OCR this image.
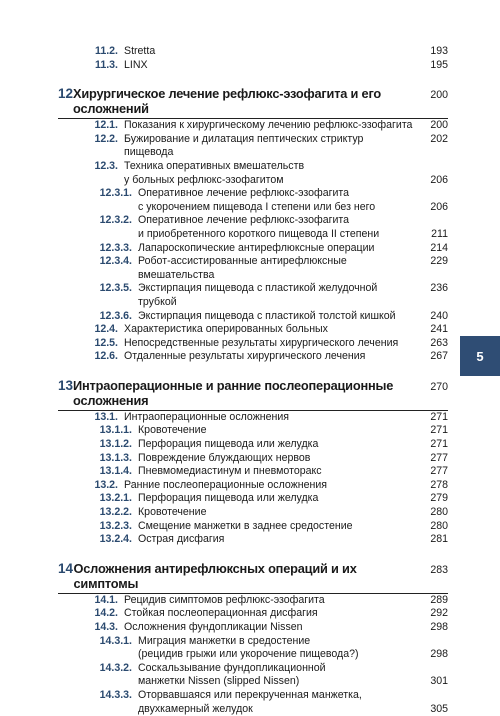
11.2. Stretta	193
11.3. LINX	195
12 Хирургическое лечение рефлюкс-эзофагита и его осложнений
200
12.1. Показания к хирургическому лечению рефлюкс-эзофагита	200
12.2. Бужирование и дилатация пептических стриктур пищевода
202
12.3. Техника оперативных вмешательств
у больных рефлюкс-эзофагитом	206
12.3.1. Оперативное лечение рефлюкс-эзофагита
с укорочением пищевода I степени или без него	206
12.3.2. Оперативное лечение рефлюкс-эзофагита
и приобретенного короткого пищевода II степени	211
12.3.3. Лапароскопические антирефлюксные операции	214
12.3.4. Робот-ассистированные антирефлюксные вмешательства
229
12.3.5. Экстирпация пищевода с пластикой желудочной трубкой
236
12.3.6. Экстирпация пищевода с пластикой толстой кишкой	240
12.4. Характеристика оперированных больных	241
12.5. Непосредственные результаты хирургического лечения	263
12.6. Отдаленные результаты хирургического лечения	267
13 Интраоперационные и ранние послеоперационные осложнения
270
13.1. Интраоперационные осложнения	271
13.1.1. Кровотечение	271
13.1.2. Перфорация пищевода или желудка	271
13.1.3. Повреждение блуждающих нервов	277
13.1.4. Пневмомедиастинум и пневмоторакс	277
13.2. Ранние послеоперационные осложнения	278
13.2.1. Перфорация пищевода или желудка	279
13.2.2. Кровотечение	280
13.2.3. Смещение манжетки в заднее средостение	280
13.2.4. Острая дисфагия	281
14 Осложнения антирефлюксных операций и их симптомы
283
14.1. Рецидив симптомов рефлюкс-эзофагита	289
14.2. Стойкая послеоперационная дисфагия	292
14.3. Осложнения фундопликации Nissen	298
14.3.1. Миграция манжетки в средостение
(рецидив грыжи или укорочение пищевода?)	298
14.3.2. Соскальзывание фундопликационной
манжетки Nissen (slipped Nissen)	301
14.3.3. Оторвавшаяся или перекрученная манжетка,
двухкамерный желудок	305
5
